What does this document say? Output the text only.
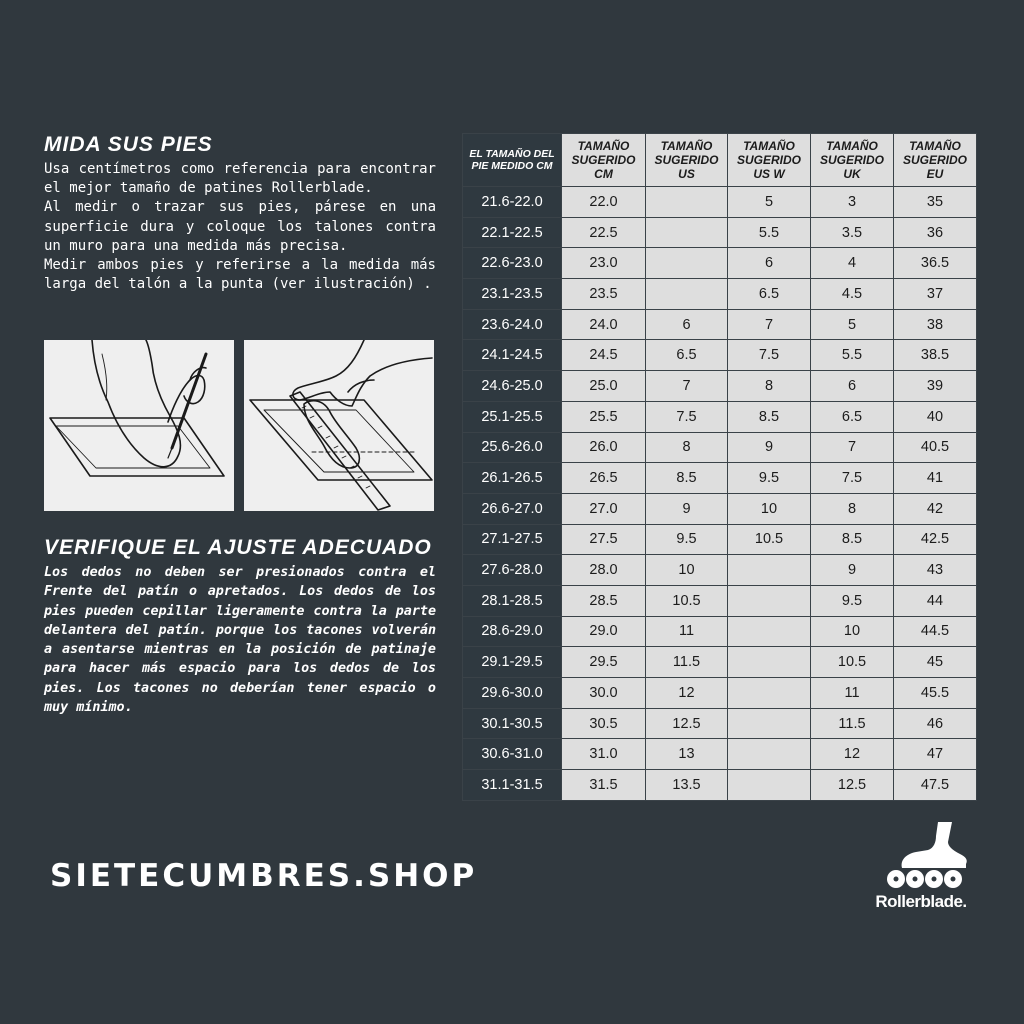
MIDA SUS PIES

Usa centímetros como referencia para encontrar el mejor tamaño de patines Rollerblade.

Al medir o trazar sus pies, párese en una superficie dura y coloque los talones contra un muro para una medida más precisa.

Medir ambos pies y referirse a la medida más larga del talón a la punta (ver ilustración) .

VERIFIQUE EL AJUSTE ADECUADO

Los dedos no deben ser presionados contra el Frente del patín o apretados. Los dedos de los pies pueden cepillar ligeramente contra la parte delantera del patín. porque los tacones volverán a asentarse mientras en la posición de patinaje para hacer más espacio para los dedos de los pies. Los tacones no deberían tener espacio o muy mínimo.

EL TAMAÑO DEL PIE MEDIDO CM	TAMAÑO SUGERIDO CM	TAMAÑO SUGERIDO US	TAMAÑO SUGERIDO US W	TAMAÑO SUGERIDO UK	TAMAÑO SUGERIDO EU
21.6-22.0	22.0		5	3	35
22.1-22.5	22.5		5.5	3.5	36
22.6-23.0	23.0		6	4	36.5
23.1-23.5	23.5		6.5	4.5	37
23.6-24.0	24.0	6	7	5	38
24.1-24.5	24.5	6.5	7.5	5.5	38.5
24.6-25.0	25.0	7	8	6	39
25.1-25.5	25.5	7.5	8.5	6.5	40
25.6-26.0	26.0	8	9	7	40.5
26.1-26.5	26.5	8.5	9.5	7.5	41
26.6-27.0	27.0	9	10	8	42
27.1-27.5	27.5	9.5	10.5	8.5	42.5
27.6-28.0	28.0	10		9	43
28.1-28.5	28.5	10.5		9.5	44
28.6-29.0	29.0	11		10	44.5
29.1-29.5	29.5	11.5		10.5	45
29.6-30.0	30.0	12		11	45.5
30.1-30.5	30.5	12.5		11.5	46
30.6-31.0	31.0	13		12	47
31.1-31.5	31.5	13.5		12.5	47.5
SIETECUMBRES.SHOP
Rollerblade.
